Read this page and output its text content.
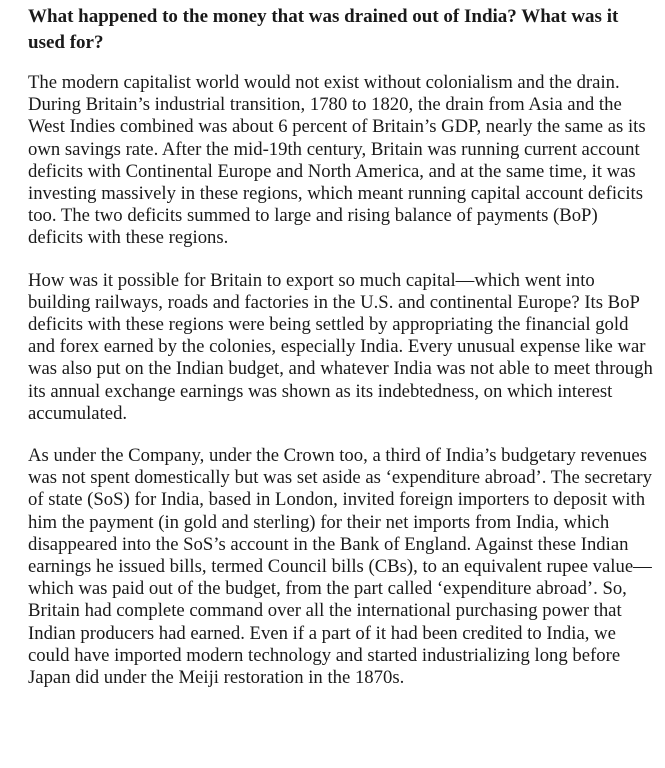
What happened to the money that was drained out of India? What was it used for?

The modern capitalist world would not exist without colonialism and the drain. During Britain’s industrial transition, 1780 to 1820, the drain from Asia and the West Indies combined was about 6 percent of Britain’s GDP, nearly the same as its own savings rate. After the mid-19th century, Britain was running current account deficits with Continental Europe and North America, and at the same time, it was investing massively in these regions, which meant running capital account deficits too. The two deficits summed to large and rising balance of payments (BoP) deficits with these regions.

How was it possible for Britain to export so much capital—which went into building railways, roads and factories in the U.S. and continental Europe? Its BoP deficits with these regions were being settled by appropriating the financial gold and forex earned by the colonies, especially India. Every unusual expense like war was also put on the Indian budget, and whatever India was not able to meet through its annual exchange earnings was shown as its indebtedness, on which interest accumulated.

As under the Company, under the Crown too, a third of India’s budgetary revenues was not spent domestically but was set aside as ‘expenditure abroad’. The secretary of state (SoS) for India, based in London, invited foreign importers to deposit with him the payment (in gold and sterling) for their net imports from India, which disappeared into the SoS’s account in the Bank of England. Against these Indian earnings he issued bills, termed Council bills (CBs), to an equivalent rupee value—which was paid out of the budget, from the part called ‘expenditure abroad’. So, Britain had complete command over all the international purchasing power that Indian producers had earned. Even if a part of it had been credited to India, we could have imported modern technology and started industrializing long before Japan did under the Meiji restoration in the 1870s.
